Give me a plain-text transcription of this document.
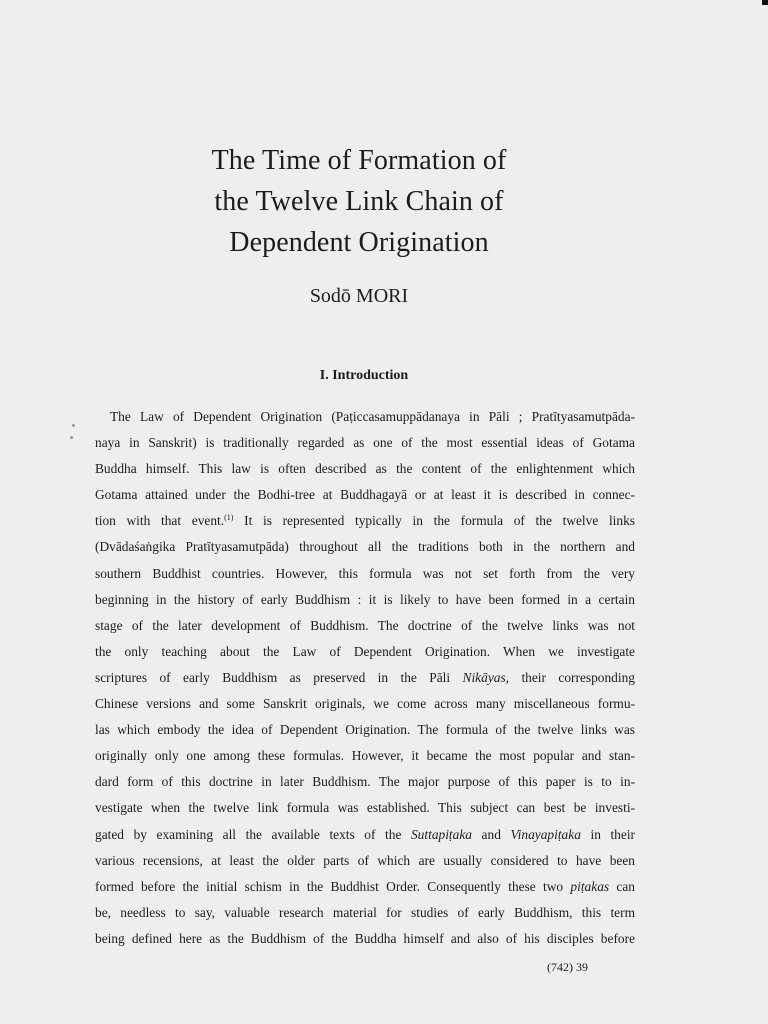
The Time of Formation of
the Twelve Link Chain of
Dependent Origination
Sodō MORI
I. Introduction
The Law of Dependent Origination (Paṭiccasamuppādanaya in Pāli ; Pratītyasamutpāda-
naya in Sanskrit) is traditionally regarded as one of the most essential ideas of Gotama
Buddha himself. This law is often described as the content of the enlightenment which
Gotama attained under the Bodhi-tree at Buddhagayā or at least it is described in connec-
tion with that event.$^{(1)}$ It is represented typically in the formula of the twelve links
(Dvādaśaṅgika Pratītyasamutpāda) throughout all the traditions both in the northern and
southern Buddhist countries. However, this formula was not set forth from the very
beginning in the history of early Buddhism : it is likely to have been formed in a certain
stage of the later development of Buddhism. The doctrine of the twelve links was not
the only teaching about the Law of Dependent Origination. When we investigate
scriptures of early Buddhism as preserved in the Pāli Nikāyas, their corresponding
Chinese versions and some Sanskrit originals, we come across many miscellaneous formu-
las which embody the idea of Dependent Origination. The formula of the twelve links was
originally only one among these formulas. However, it became the most popular and stan-
dard form of this doctrine in later Buddhism. The major purpose of this paper is to in-
vestigate when the twelve link formula was established. This subject can best be investi-
gated by examining all the available texts of the Suttapiṭaka and Vinayapiṭaka in their
various recensions, at least the older parts of which are usually considered to have been
formed before the initial schism in the Buddhist Order. Consequently these two piṭakas can
be, needless to say, valuable research material for studies of early Buddhism, this term
being defined here as the Buddhism of the Buddha himself and also of his disciples before
(742) 39
